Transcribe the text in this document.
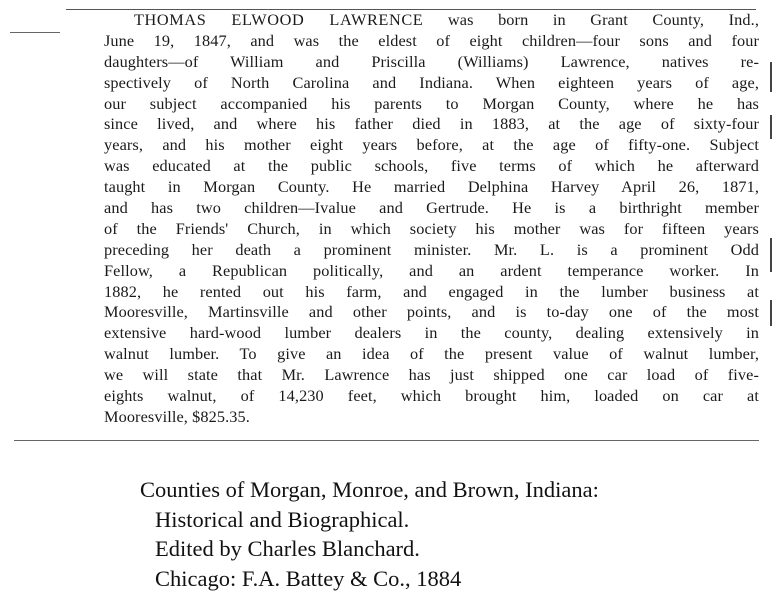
THOMAS ELWOOD LAWRENCE was born in Grant County, Ind.,
June 19, 1847, and was the eldest of eight children—four sons and four
daughters—of William and Priscilla (Williams) Lawrence, natives re-
spectively of North Carolina and Indiana. When eighteen years of age,
our subject accompanied his parents to Morgan County, where he has
since lived, and where his father died in 1883, at the age of sixty-four
years, and his mother eight years before, at the age of fifty-one. Subject
was educated at the public schools, five terms of which he afterward
taught in Morgan County. He married Delphina Harvey April 26, 1871,
and has two children—Ivalue and Gertrude. He is a birthright member
of the Friends' Church, in which society his mother was for fifteen years
preceding her death a prominent minister. Mr. L. is a prominent Odd
Fellow, a Republican politically, and an ardent temperance worker. In
1882, he rented out his farm, and engaged in the lumber business at
Mooresville, Martinsville and other points, and is to-day one of the most
extensive hard-wood lumber dealers in the county, dealing extensively in
walnut lumber. To give an idea of the present value of walnut lumber,
we will state that Mr. Lawrence has just shipped one car load of five-
eights walnut, of 14,230 feet, which brought him, loaded on car at
Mooresville, $825.35.
Counties of Morgan, Monroe, and Brown, Indiana:
Historical and Biographical.
Edited by Charles Blanchard.
Chicago: F.A. Battey & Co., 1884
